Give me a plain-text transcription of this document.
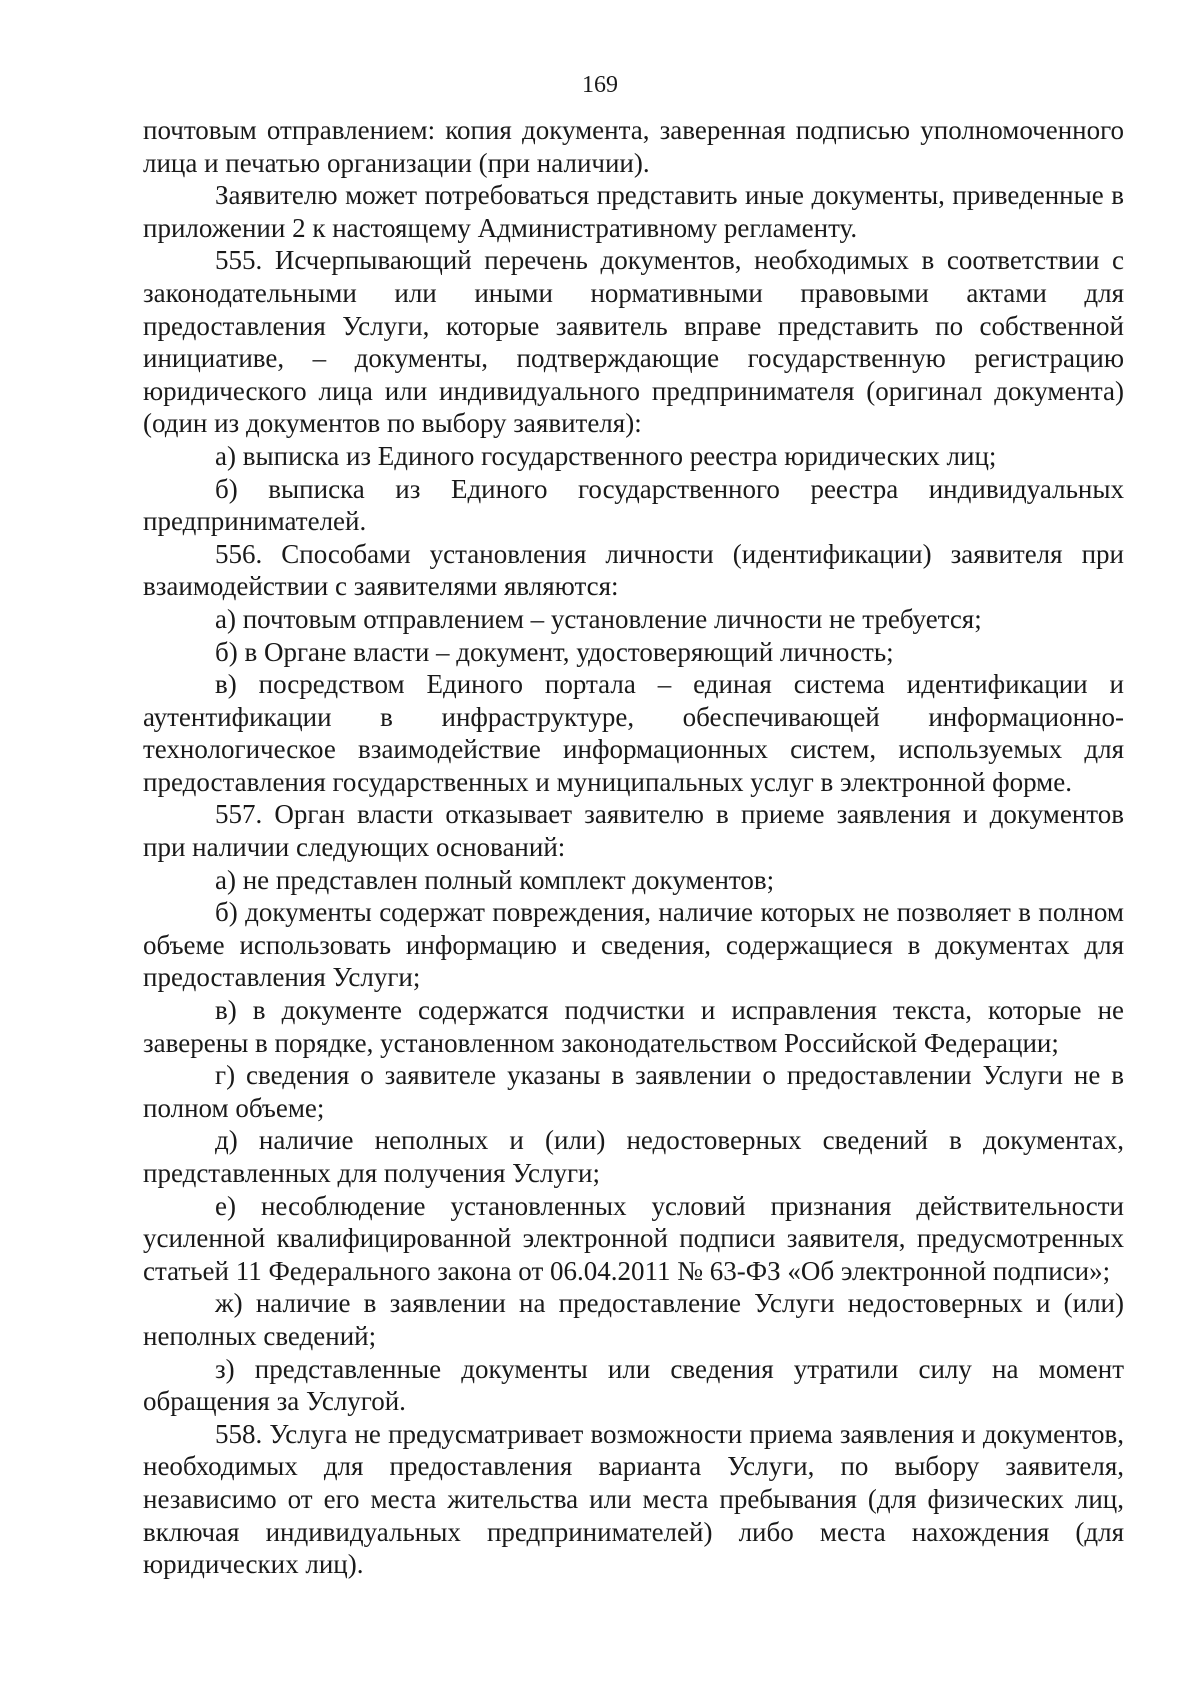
169

почтовым отправлением: копия документа, заверенная подписью уполномоченного лица и печатью организации (при наличии).

Заявителю может потребоваться представить иные документы, приведенные в приложении 2 к настоящему Административному регламенту.

555. Исчерпывающий перечень документов, необходимых в соответствии с законодательными или иными нормативными правовыми актами для предоставления Услуги, которые заявитель вправе представить по собственной инициативе, – документы, подтверждающие государственную регистрацию юридического лица или индивидуального предпринимателя (оригинал документа) (один из документов по выбору заявителя):

а) выписка из Единого государственного реестра юридических лиц;

б) выписка из Единого государственного реестра индивидуальных предпринимателей.

556. Способами установления личности (идентификации) заявителя при взаимодействии с заявителями являются:

а) почтовым отправлением – установление личности не требуется;

б) в Органе власти – документ, удостоверяющий личность;

в) посредством Единого портала – единая система идентификации и аутентификации в инфраструктуре, обеспечивающей информационно-технологическое взаимодействие информационных систем, используемых для предоставления государственных и муниципальных услуг в электронной форме.

557. Орган власти отказывает заявителю в приеме заявления и документов при наличии следующих оснований:

а) не представлен полный комплект документов;

б) документы содержат повреждения, наличие которых не позволяет в полном объеме использовать информацию и сведения, содержащиеся в документах для предоставления Услуги;

в) в документе содержатся подчистки и исправления текста, которые не заверены в порядке, установленном законодательством Российской Федерации;

г) сведения о заявителе указаны в заявлении о предоставлении Услуги не в полном объеме;

д) наличие неполных и (или) недостоверных сведений в документах, представленных для получения Услуги;

е) несоблюдение установленных условий признания действительности усиленной квалифицированной электронной подписи заявителя, предусмотренных статьей 11 Федерального закона от 06.04.2011 № 63-ФЗ «Об электронной подписи»;

ж) наличие в заявлении на предоставление Услуги недостоверных и (или) неполных сведений;

з) представленные документы или сведения утратили силу на момент обращения за Услугой.

558. Услуга не предусматривает возможности приема заявления и документов, необходимых для предоставления варианта Услуги, по выбору заявителя, независимо от его места жительства или места пребывания (для физических лиц, включая индивидуальных предпринимателей) либо места нахождения (для юридических лиц).
